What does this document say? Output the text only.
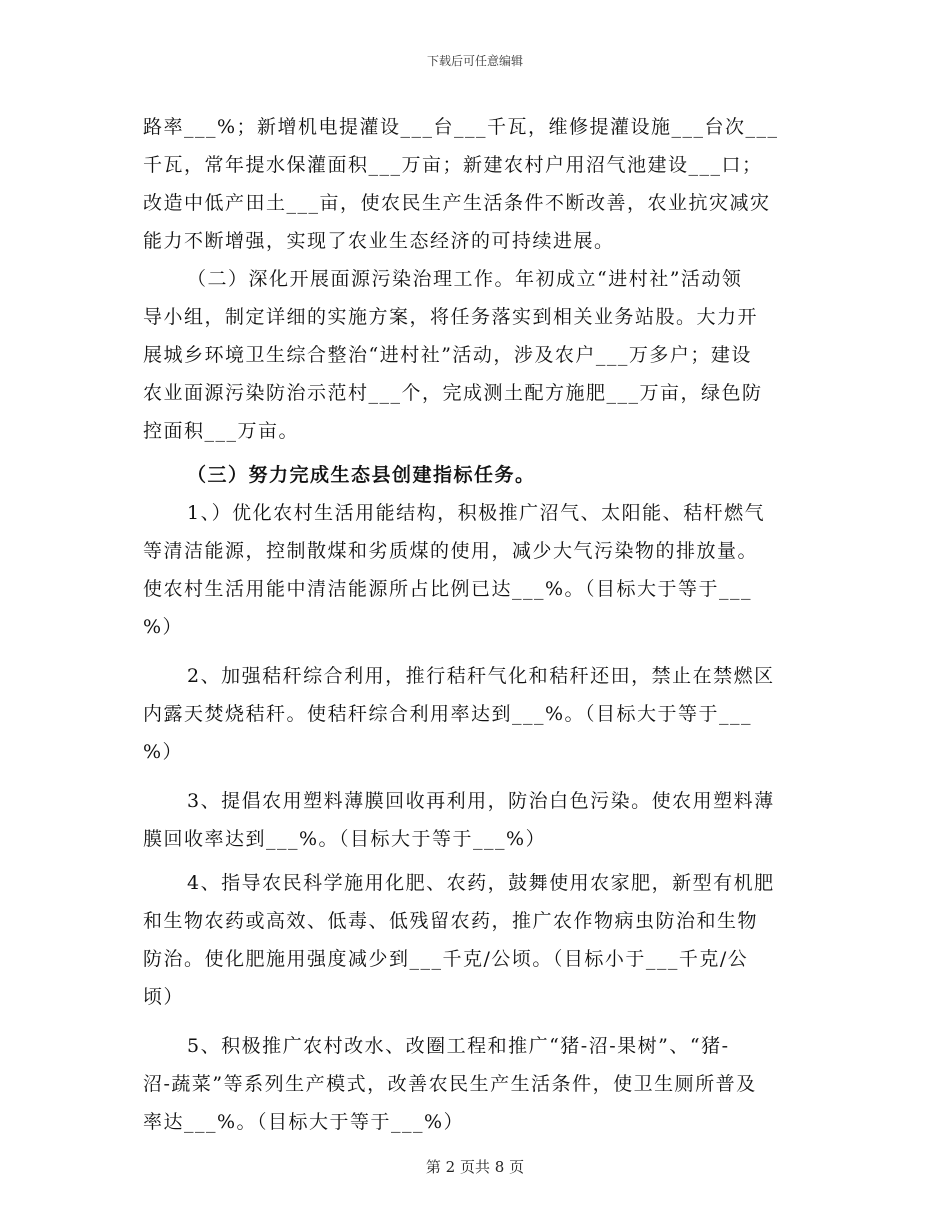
下载后可任意编辑
路率___%；新增机电提灌设___台___千瓦，维修提灌设施___台次___
千瓦，常年提水保灌面积___万亩；新建农村户用沼气池建设___口；
改造中低产田土___亩，使农民生产生活条件不断改善，农业抗灾减灾
能力不断增强，实现了农业生态经济的可持续进展。
（二）深化开展面源污染治理工作。年初成立“进村社”活动领
导小组，制定详细的实施方案，将任务落实到相关业务站股。大力开
展城乡环境卫生综合整治“进村社”活动，涉及农户___万多户；建设
农业面源污染防治示范村___个，完成测土配方施肥___万亩，绿色防
控面积___万亩。
（三）努力完成生态县创建指标任务。
1、）优化农村生活用能结构，积极推广沼气、太阳能、秸杆燃气
等清洁能源，控制散煤和劣质煤的使用，减少大气污染物的排放量。
使农村生活用能中清洁能源所占比例已达___%。（目标大于等于___
%）
2、加强秸秆综合利用，推行秸秆气化和秸秆还田，禁止在禁燃区
内露天焚烧秸秆。使秸秆综合利用率达到___%。（目标大于等于___
%）
3、提倡农用塑料薄膜回收再利用，防治白色污染。使农用塑料薄
膜回收率达到___%。（目标大于等于___%）
4、指导农民科学施用化肥、农药，鼓舞使用农家肥，新型有机肥
和生物农药或高效、低毒、低残留农药，推广农作物病虫防治和生物
防治。使化肥施用强度减少到___千克/公顷。（目标小于___千克/公
顷）
5、积极推广农村改水、改圈工程和推广“猪-沼-果树”、“猪-
沼-蔬菜”等系列生产模式，改善农民生产生活条件，使卫生厕所普及
率达___%。（目标大于等于___%）
第 2 页共 8 页
